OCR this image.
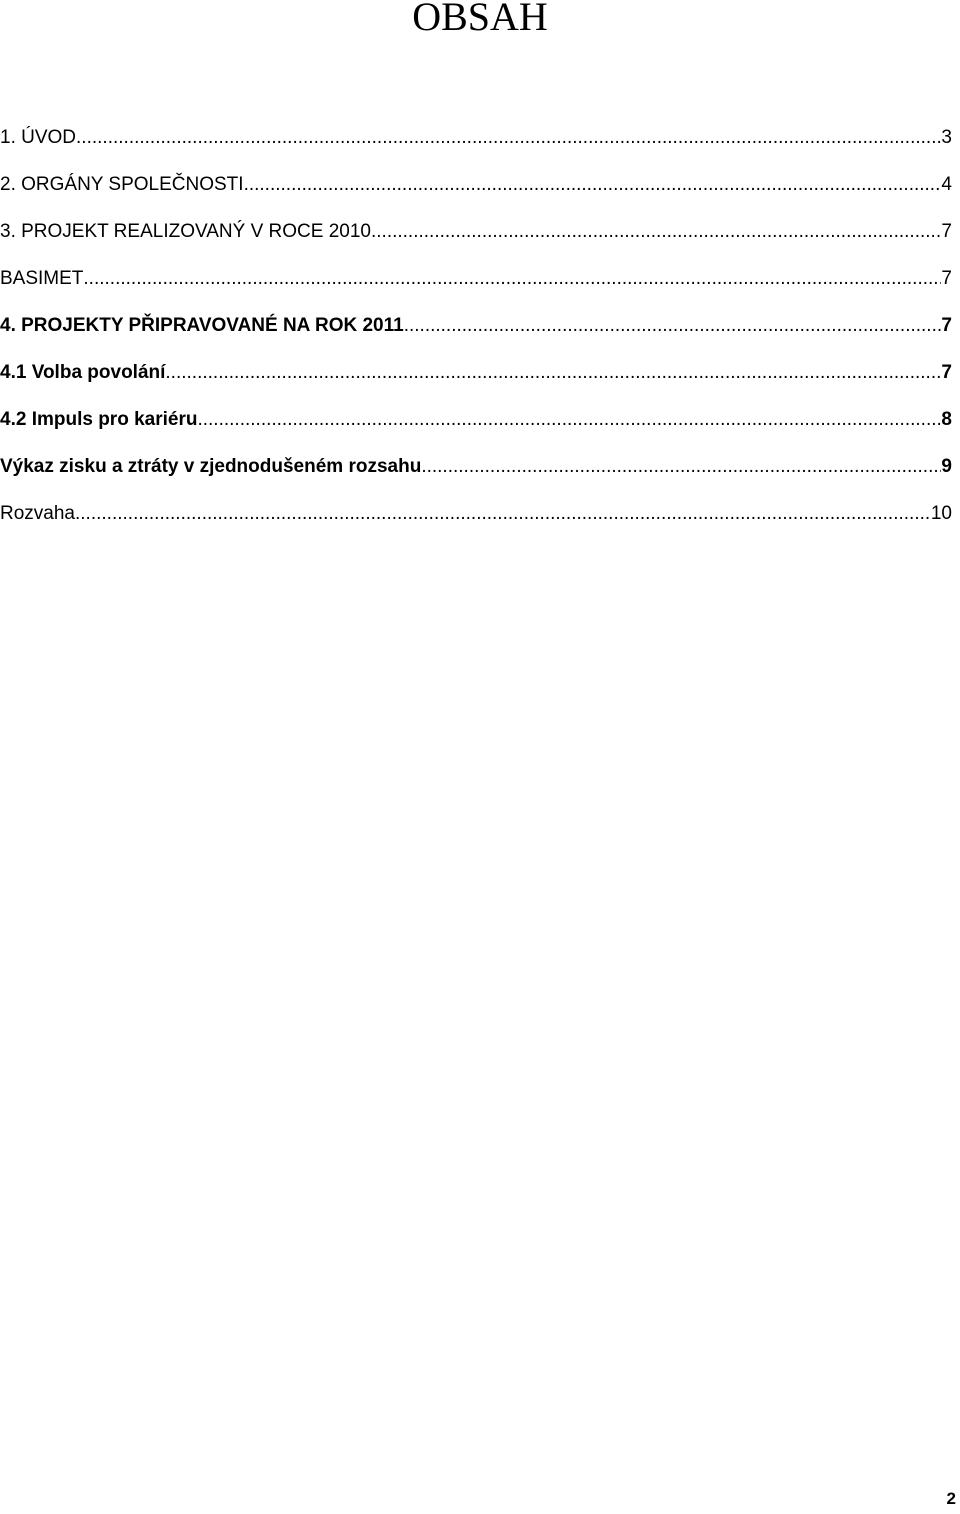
OBSAH
1. ÚVOD .....	3
2. ORGÁNY SPOLEČNOSTI .....	4
3. PROJEKT REALIZOVANÝ V ROCE 2010 .....	7
BASIMET .....	7
4. PROJEKTY PŘIPRAVOVANÉ NA ROK 2011 .....	7
4.1 Volba povolání .....	7
4.2 Impuls pro kariéru .....	8
Výkaz zisku a ztráty v zjednodušeném rozsahu .....	9
Rozvaha .....	10
2
